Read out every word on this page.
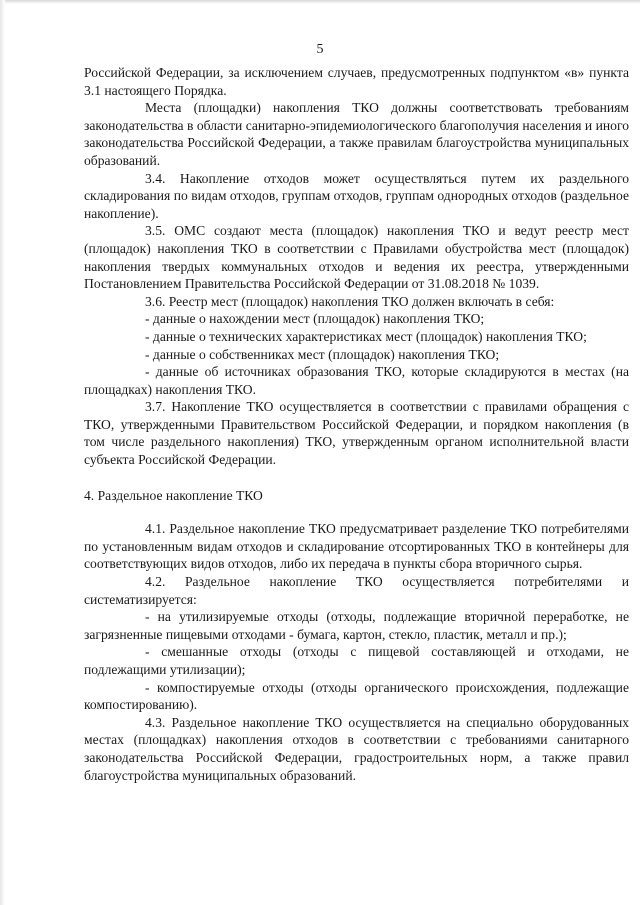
5

Российской Федерации, за исключением случаев, предусмотренных подпунктом «в» пункта 3.1 настоящего Порядка.

Места (площадки) накопления ТКО должны соответствовать требованиям законодательства в области санитарно-эпидемиологического благополучия населения и иного законодательства Российской Федерации, а также правилам благоустройства муниципальных образований.

3.4. Накопление отходов может осуществляться путем их раздельного складирования по видам отходов, группам отходов, группам однородных отходов (раздельное накопление).

3.5. ОМС создают места (площадок) накопления ТКО и ведут реестр мест (площадок) накопления ТКО в соответствии с Правилами обустройства мест (площадок) накопления твердых коммунальных отходов и ведения их реестра, утвержденными Постановлением Правительства Российской Федерации от 31.08.2018 № 1039.

3.6. Реестр мест (площадок) накопления ТКО должен включать в себя:

- данные о нахождении мест (площадок) накопления ТКО;

- данные о технических характеристиках мест (площадок) накопления ТКО;

- данные о собственниках мест (площадок) накопления ТКО;

- данные об источниках образования ТКО, которые складируются в местах (на площадках) накопления ТКО.

3.7. Накопление ТКО осуществляется в соответствии с правилами обращения с ТКО, утвержденными Правительством Российской Федерации, и порядком накопления (в том числе раздельного накопления) ТКО, утвержденным органом исполнительной власти субъекта Российской Федерации.

4. Раздельное накопление ТКО

4.1. Раздельное накопление ТКО предусматривает разделение ТКО потребителями по установленным видам отходов и складирование отсортированных ТКО в контейнеры для соответствующих видов отходов, либо их передача в пункты сбора вторичного сырья.

4.2. Раздельное накопление ТКО осуществляется потребителями и систематизируется:

- на утилизируемые отходы (отходы, подлежащие вторичной переработке, не загрязненные пищевыми отходами - бумага, картон, стекло, пластик, металл и пр.);

- смешанные отходы (отходы с пищевой составляющей и отходами, не подлежащими утилизации);

- компостируемые отходы (отходы органического происхождения, подлежащие компостированию).

4.3. Раздельное накопление ТКО осуществляется на специально оборудованных местах (площадках) накопления отходов в соответствии с требованиями санитарного законодательства Российской Федерации, градостроительных норм, а также правил благоустройства муниципальных образований.
